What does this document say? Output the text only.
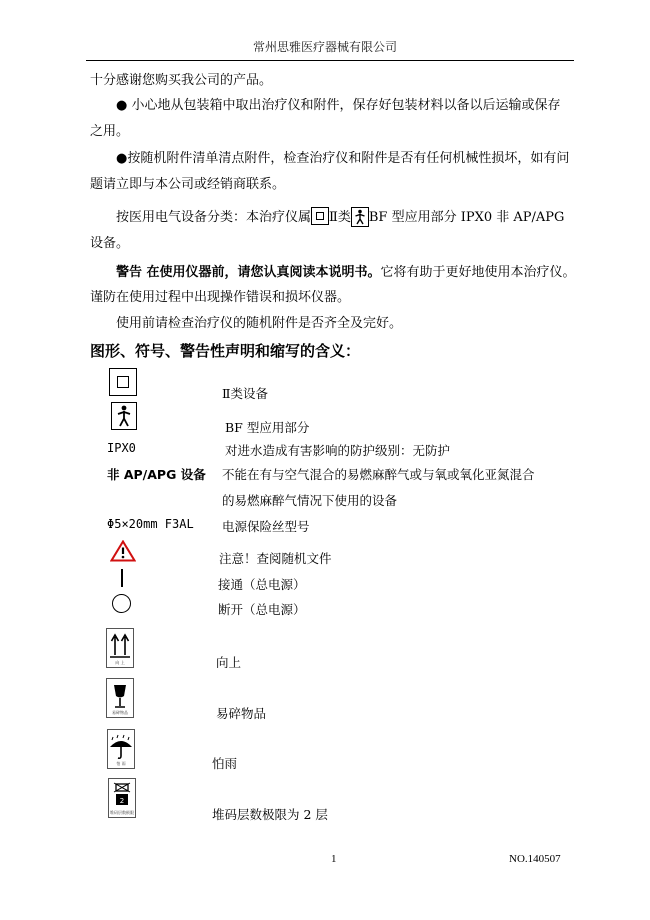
常州思雅医疗器械有限公司

十分感谢您购买我公司的产品。

● 小心地从包装箱中取出治疗仪和附件，保存好包装材料以备以后运输或保存

之用。

●按随机附件清单清点附件，检查治疗仪和附件是否有任何机械性损坏，如有问

题请立即与本公司或经销商联系。

按医用电气设备分类：本治疗仪属 Ⅱ类 BF 型应用部分 IPX0 非 AP/APG

设备。

警告 在使用仪器前，请您认真阅读本说明书。它将有助于更好地使用本治疗仪。

谨防在使用过程中出现操作错误和损坏仪器。

使用前请检查治疗仪的随机附件是否齐全及完好。

图形、符号、警告性声明和缩写的含义：
Ⅱ类设备
BF 型应用部分
IPX0	对进水造成有害影响的防护级别：无防护
非 AP/APG 设备 不能在有与空气混合的易燃麻醉气或与氧或氧化亚氮混合
的易燃麻醉气情况下使用的设备
Φ5×20mm F3AL 电源保险丝型号
注意！查阅随机文件
接通（总电源）
断开（总电源）
向 上	向上
易碎物品	易碎物品
怕 雨	怕雨
2
堆码层数极限	堆码层数极限为 2 层
1	NO.140507
